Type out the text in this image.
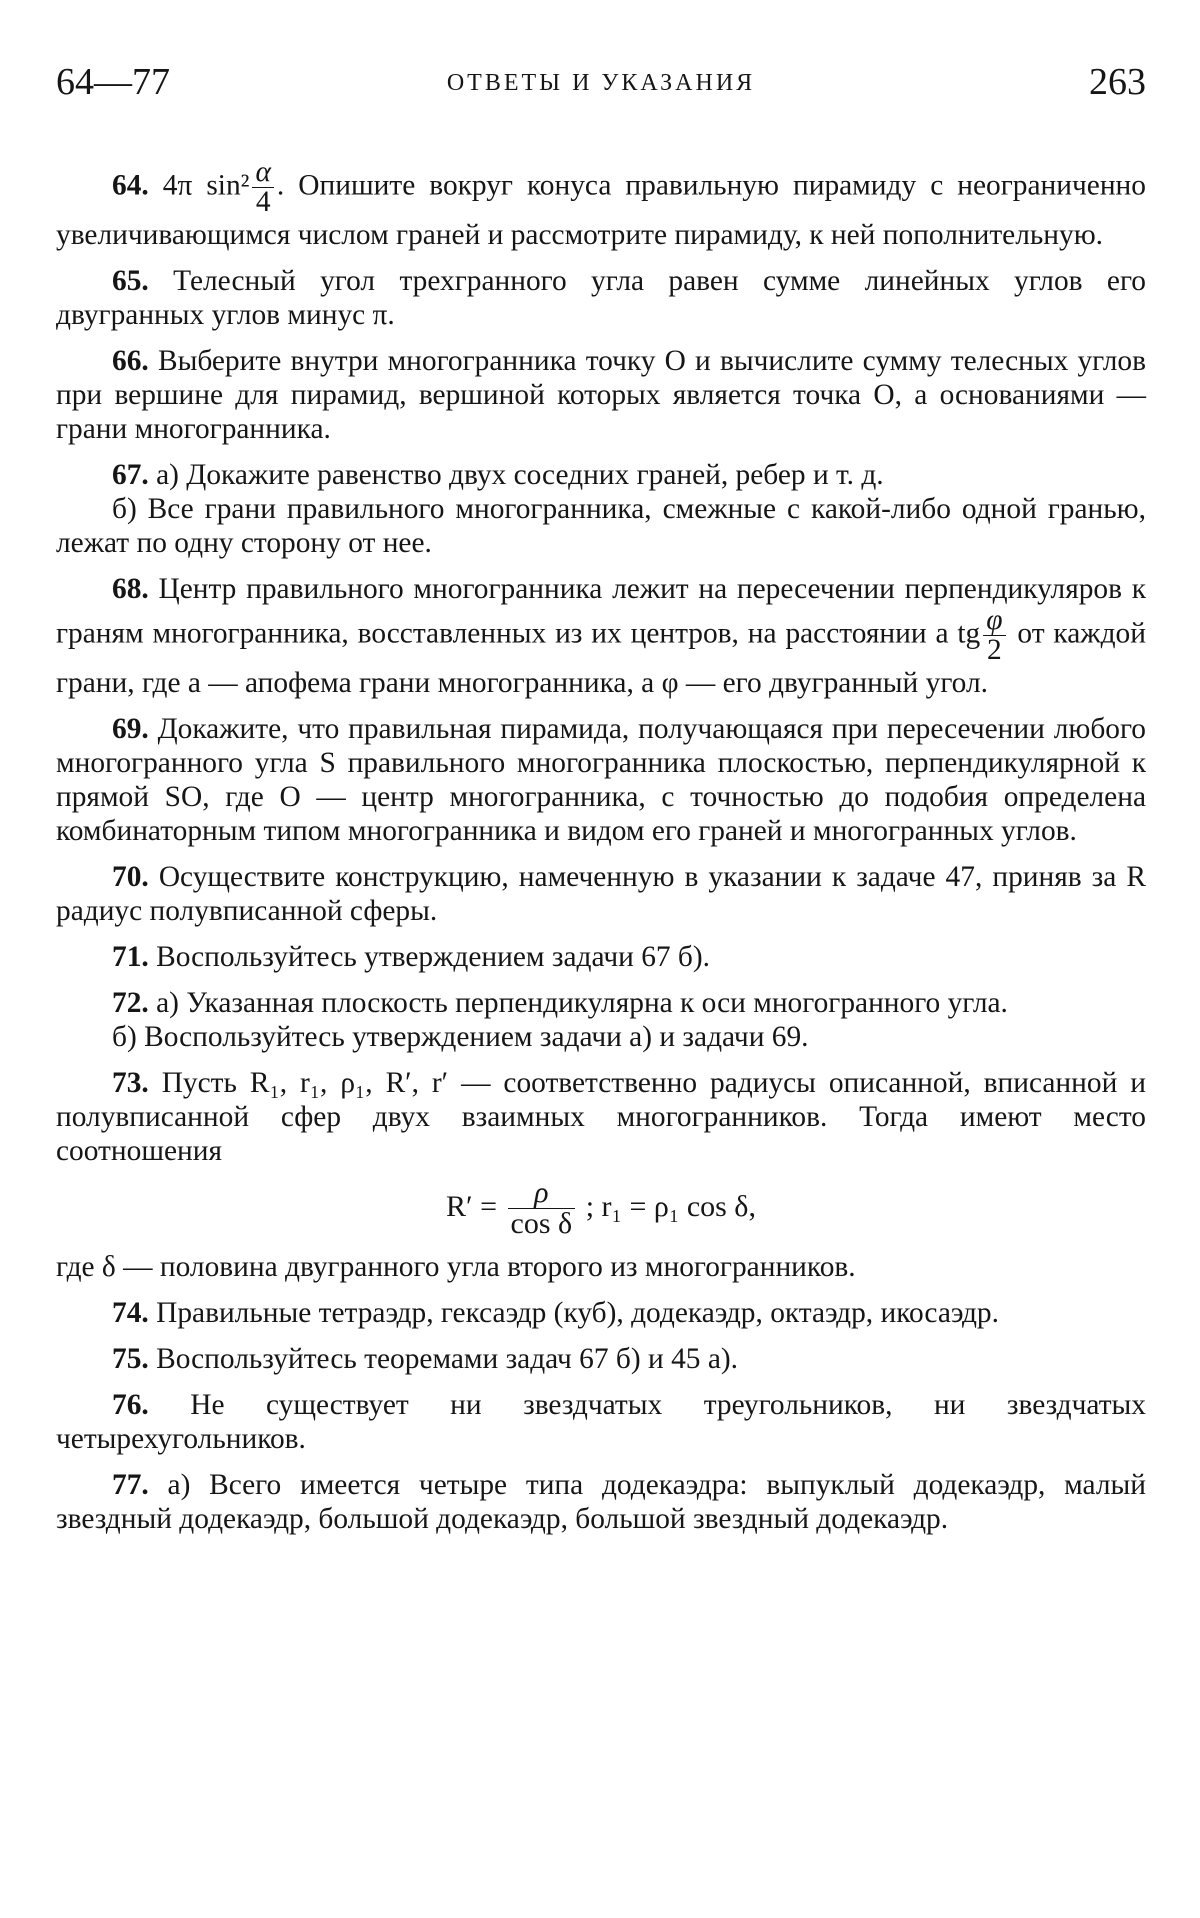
64—77	ОТВЕТЫ И УКАЗАНИЯ	263

64. 4π $\sin^2 \frac{\alpha}{4}$ . Опишите вокруг конуса правильную пирамиду с неограниченно увеличивающимся числом граней и рассмотрите пирамиду, к ней пополнительную.

65. Телесный угол трехгранного угла равен сумме линейных углов его двугранных углов минус π.

66. Выберите внутри многогранника точку O и вычислите сумму телесных углов при вершине для пирамид, вершиной которых является точка O, а основаниями — грани многогранника.

67. а) Докажите равенство двух соседних граней, ребер и т. д.

б) Все грани правильного многогранника, смежные с какой-либо одной гранью, лежат по одну сторону от нее.

68. Центр правильного многогранника лежит на пересечении перпендикуляров к граням многогранника, восставленных из их центров, на расстоянии a tg $\frac{\varphi}{2}$ от каждой грани, где a — апофема грани многогранника, а φ — его двугранный угол.

69. Докажите, что правильная пирамида, получающаяся при пересечении любого многогранного угла S правильного многогранника плоскостью, перпендикулярной к прямой SO, где O — центр многогранника, с точностью до подобия определена комбинаторным типом многогранника и видом его граней и многогранных углов.

70. Осуществите конструкцию, намеченную в указании к задаче 47, приняв за R радиус полувписанной сферы.

71. Воспользуйтесь утверждением задачи 67 б).

72. а) Указанная плоскость перпендикулярна к оси многогранного угла.

б) Воспользуйтесь утверждением задачи а) и задачи 69.

73. Пусть R₁, r₁, ρ₁, R′, r′ — соответственно радиусы описанной, вписанной и полувписанной сфер двух взаимных многогранников. Тогда имеют место соотношения

$R' = \frac{\rho}{\text{cos δ}}$ ; r₁ = ρ₁ cos δ,

где δ — половина двугранного угла второго из многогранников.

74. Правильные тетраэдр, гексаэдр (куб), додекаэдр, октаэдр, икосаэдр.

75. Воспользуйтесь теоремами задач 67 б) и 45 а).

76. Не существует ни звездчатых треугольников, ни звездчатых четырехугольников.

77. а) Всего имеется четыре типа додекаэдра: выпуклый додекаэдр, малый звездный додекаэдр, большой додекаэдр, большой звездный додекаэдр.
